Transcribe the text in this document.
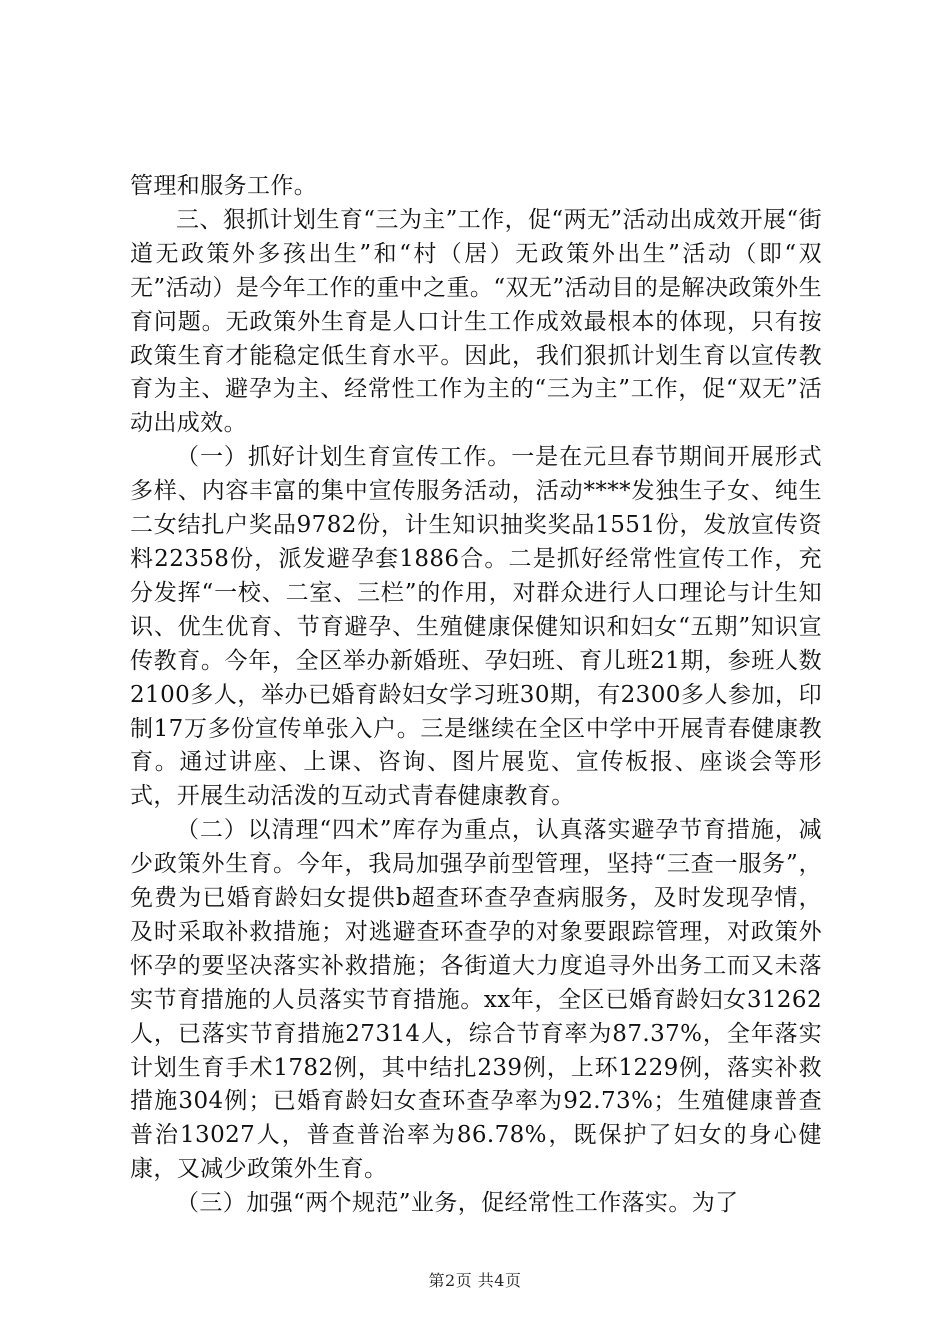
管理和服务工作。

三、狠抓计划生育“三为主”工作，促“两无”活动出成效开展“街道无政策外多孩出生”和“村（居）无政策外出生”活动（即“双无”活动）是今年工作的重中之重。“双无”活动目的是解决政策外生育问题。无政策外生育是人口计生工作成效最根本的体现，只有按政策生育才能稳定低生育水平。因此，我们狠抓计划生育以宣传教育为主、避孕为主、经常性工作为主的“三为主”工作，促“双无”活动出成效。

（一）抓好计划生育宣传工作。一是在元旦春节期间开展形式多样、内容丰富的集中宣传服务活动，活动****发独生子女、纯生二女结扎户奖品9782份，计生知识抽奖奖品1551份，发放宣传资料22358份，派发避孕套1886合。二是抓好经常性宣传工作，充分发挥“一校、二室、三栏”的作用，对群众进行人口理论与计生知识、优生优育、节育避孕、生殖健康保健知识和妇女“五期”知识宣传教育。今年，全区举办新婚班、孕妇班、育儿班21期，参班人数2100多人，举办已婚育龄妇女学习班30期，有2300多人参加，印制17万多份宣传单张入户。三是继续在全区中学中开展青春健康教育。通过讲座、上课、咨询、图片展览、宣传板报、座谈会等形式，开展生动活泼的互动式青春健康教育。

（二）以清理“四术”库存为重点，认真落实避孕节育措施，减少政策外生育。今年，我局加强孕前型管理，坚持“三查一服务”，免费为已婚育龄妇女提供b超查环查孕查病服务，及时发现孕情，及时采取补救措施；对逃避查环查孕的对象要跟踪管理，对政策外怀孕的要坚决落实补救措施；各街道大力度追寻外出务工而又未落实节育措施的人员落实节育措施。xx年，全区已婚育龄妇女31262人，已落实节育措施27314人，综合节育率为87.37%，全年落实计划生育手术1782例，其中结扎239例，上环1229例，落实补救措施304例；已婚育龄妇女查环查孕率为92.73%；生殖健康普查普治13027人，普查普治率为86.78%，既保护了妇女的身心健康，又减少政策外生育。

（三）加强“两个规范”业务，促经常性工作落实。为了

第2页 共4页
